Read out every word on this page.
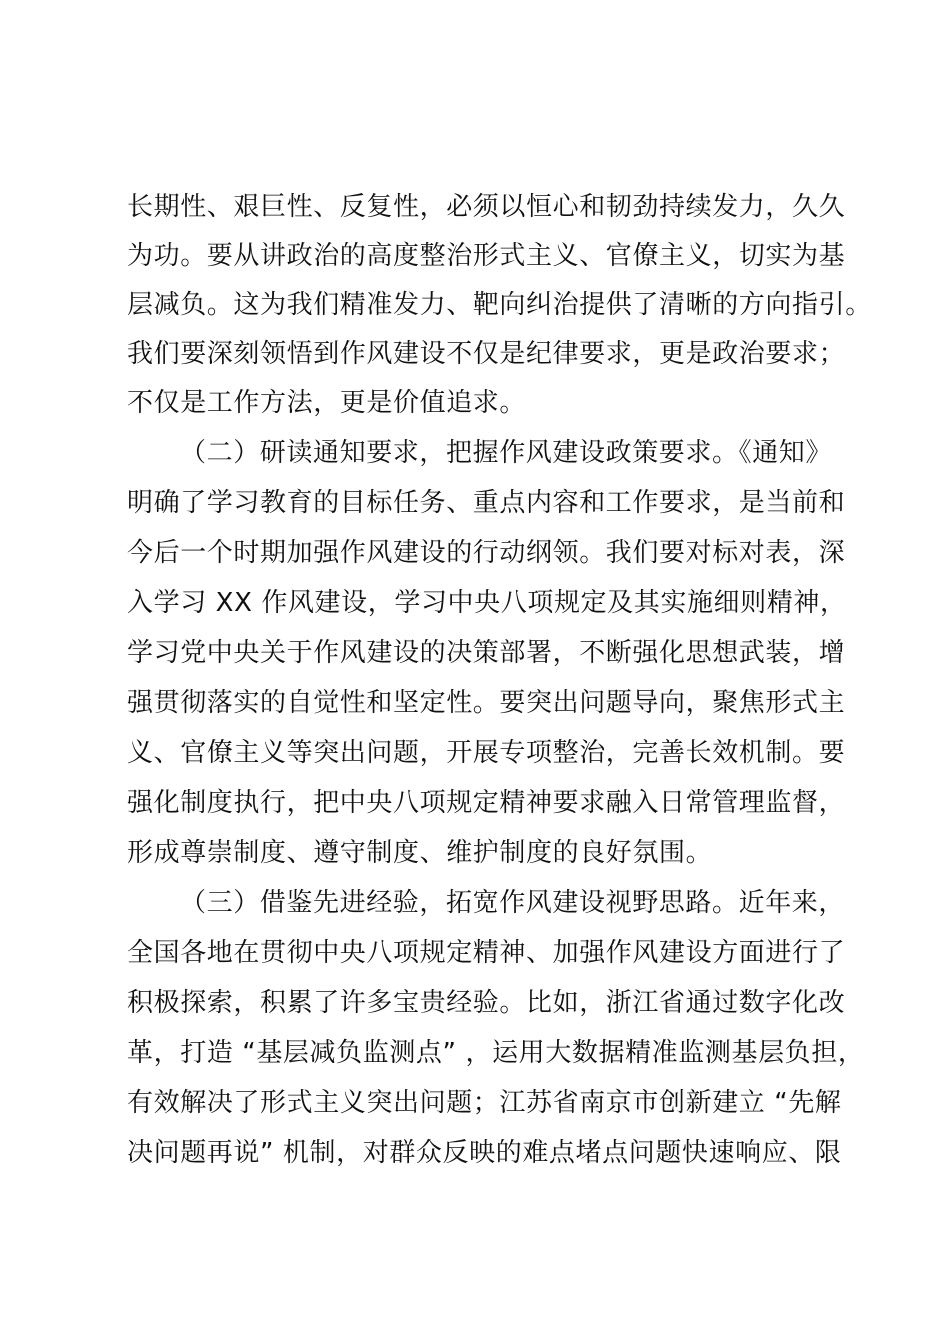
长期性、艰巨性、反复性，必须以恒心和韧劲持续发力，久久
为功。要从讲政治的高度整治形式主义、官僚主义，切实为基
层减负。这为我们精准发力、靶向纠治提供了清晰的方向指引。
我们要深刻领悟到作风建设不仅是纪律要求，更是政治要求；
不仅是工作方法，更是价值追求。
（二）研读通知要求，把握作风建设政策要求。《通知》
明确了学习教育的目标任务、重点内容和工作要求，是当前和
今后一个时期加强作风建设的行动纲领。我们要对标对表，深
入学习 XX 作风建设，学习中央八项规定及其实施细则精神，
学习党中央关于作风建设的决策部署，不断强化思想武装，增
强贯彻落实的自觉性和坚定性。要突出问题导向，聚焦形式主
义、官僚主义等突出问题，开展专项整治，完善长效机制。要
强化制度执行，把中央八项规定精神要求融入日常管理监督，
形成尊崇制度、遵守制度、维护制度的良好氛围。
（三）借鉴先进经验，拓宽作风建设视野思路。近年来，
全国各地在贯彻中央八项规定精神、加强作风建设方面进行了
积极探索，积累了许多宝贵经验。比如，浙江省通过数字化改
革，打造 “基层减负监测点” ，运用大数据精准监测基层负担，
有效解决了形式主义突出问题；江苏省南京市创新建立 “先解
决问题再说” 机制，对群众反映的难点堵点问题快速响应、限
